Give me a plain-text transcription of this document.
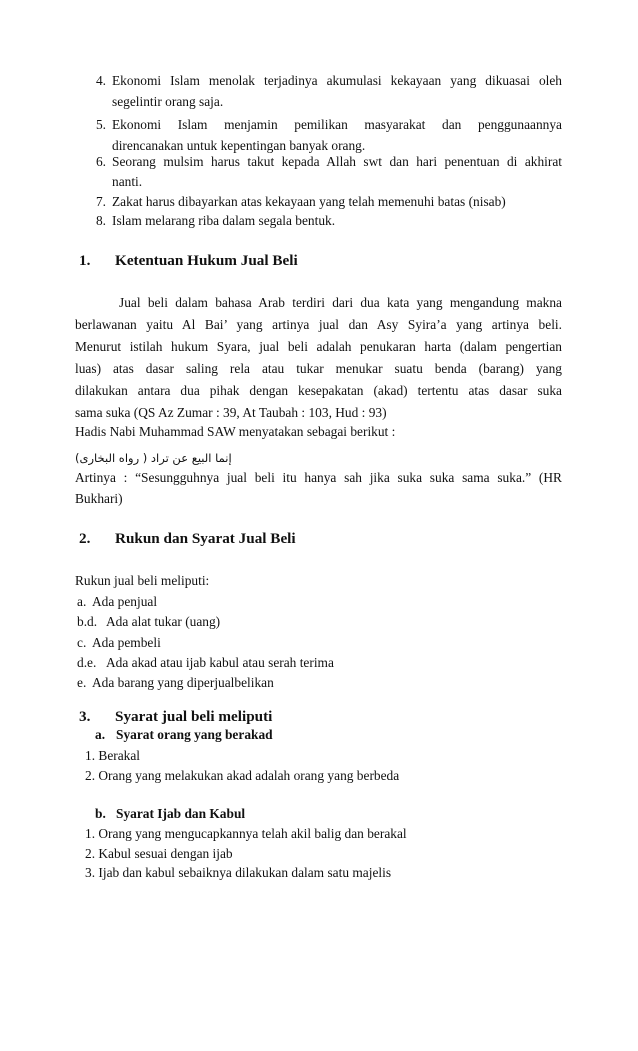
4. Ekonomi Islam menolak terjadinya akumulasi kekayaan yang dikuasai oleh
segelintir orang saja.
5. Ekonomi Islam menjamin pemilikan masyarakat dan penggunaannya
direncanakan untuk kepentingan banyak orang.
6. Seorang mulsim harus takut kepada Allah swt dan hari penentuan di akhirat
nanti.
7. Zakat harus dibayarkan atas kekayaan yang telah memenuhi batas (nisab)
8. Islam melarang riba dalam segala bentuk.
1. Ketentuan Hukum Jual Beli
Jual beli dalam bahasa Arab terdiri dari dua kata yang mengandung makna
berlawanan yaitu Al Bai’ yang artinya jual dan Asy Syira’a yang artinya beli.
Menurut istilah hukum Syara, jual beli adalah penukaran harta (dalam pengertian
luas) atas dasar saling rela atau tukar menukar suatu benda (barang) yang
dilakukan antara dua pihak dengan kesepakatan (akad) tertentu atas dasar suka
sama suka (QS Az Zumar : 39, At Taubah : 103, Hud : 93)
Hadis Nabi Muhammad SAW menyatakan sebagai berikut :
إنما البيع عن تراد ( رواه البخارى)
Artinya : “Sesungguhnya jual beli itu hanya sah jika suka suka sama suka.” (HR
Bukhari)
2. Rukun dan Syarat Jual Beli
Rukun jual beli meliputi:
a. Ada penjual
b.d. Ada alat tukar (uang)
c. Ada pembeli
d.e. Ada akad atau ijab kabul atau serah terima
e. Ada barang yang diperjualbelikan
3. Syarat jual beli meliputi
a. Syarat orang yang berakad
1. Berakal
2. Orang yang melakukan akad adalah orang yang berbeda
b. Syarat Ijab dan Kabul
1. Orang yang mengucapkannya telah akil balig dan berakal
2. Kabul sesuai dengan ijab
3. Ijab dan kabul sebaiknya dilakukan dalam satu majelis
